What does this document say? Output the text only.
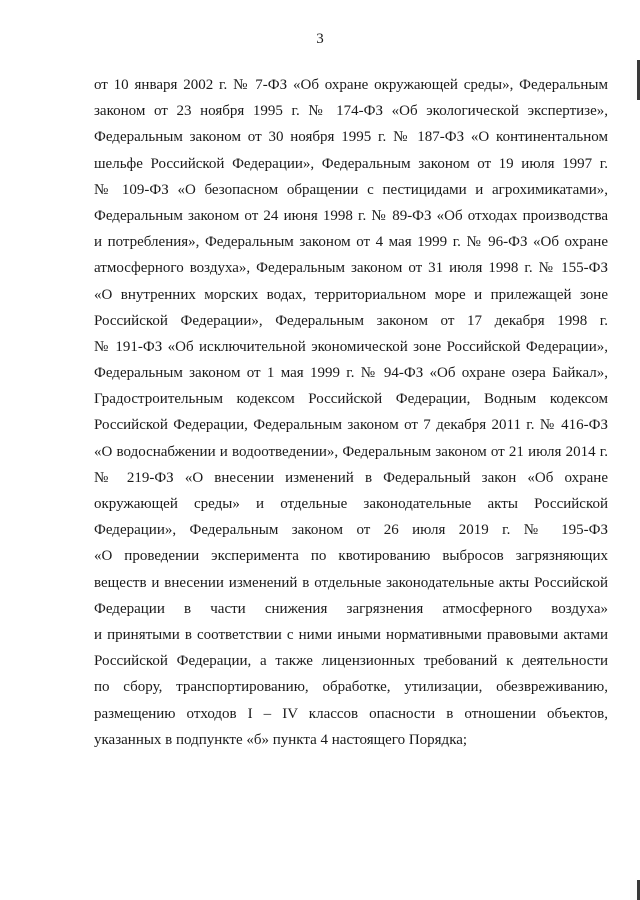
3
от 10 января 2002 г. № 7-ФЗ «Об охране окружающей среды», Федеральным
законом от 23 ноября 1995 г. № 174-ФЗ «Об экологической экспертизе»,
Федеральным законом от 30 ноября 1995 г. № 187-ФЗ «О континентальном
шельфе Российской Федерации», Федеральным законом от 19 июля 1997 г.
№ 109-ФЗ «О безопасном обращении с пестицидами и агрохимикатами»,
Федеральным законом от 24 июня 1998 г. № 89-ФЗ «Об отходах производства
и потребления», Федеральным законом от 4 мая 1999 г. № 96-ФЗ «Об охране
атмосферного воздуха», Федеральным законом от 31 июля 1998 г. № 155-ФЗ
«О внутренних морских водах, территориальном море и прилежащей зоне
Российской Федерации», Федеральным законом от 17 декабря 1998 г.
№ 191-ФЗ «Об исключительной экономической зоне Российской Федерации»,
Федеральным законом от 1 мая 1999 г. № 94-ФЗ «Об охране озера Байкал»,
Градостроительным кодексом Российской Федерации, Водным кодексом
Российской Федерации, Федеральным законом от 7 декабря 2011 г. № 416-ФЗ
«О водоснабжении и водоотведении», Федеральным законом от 21 июля 2014 г.
№ 219-ФЗ «О внесении изменений в Федеральный закон «Об охране
окружающей среды» и отдельные законодательные акты Российской
Федерации», Федеральным законом от 26 июля 2019 г. № 195-ФЗ
«О проведении эксперимента по квотированию выбросов загрязняющих
веществ и внесении изменений в отдельные законодательные акты Российской
Федерации в части снижения загрязнения атмосферного воздуха»
и принятыми в соответствии с ними иными нормативными правовыми актами
Российской Федерации, а также лицензионных требований к деятельности
по сбору, транспортированию, обработке, утилизации, обезвреживанию,
размещению отходов I – IV классов опасности в отношении объектов,
указанных в подпункте «б» пункта 4 настоящего Порядка;
